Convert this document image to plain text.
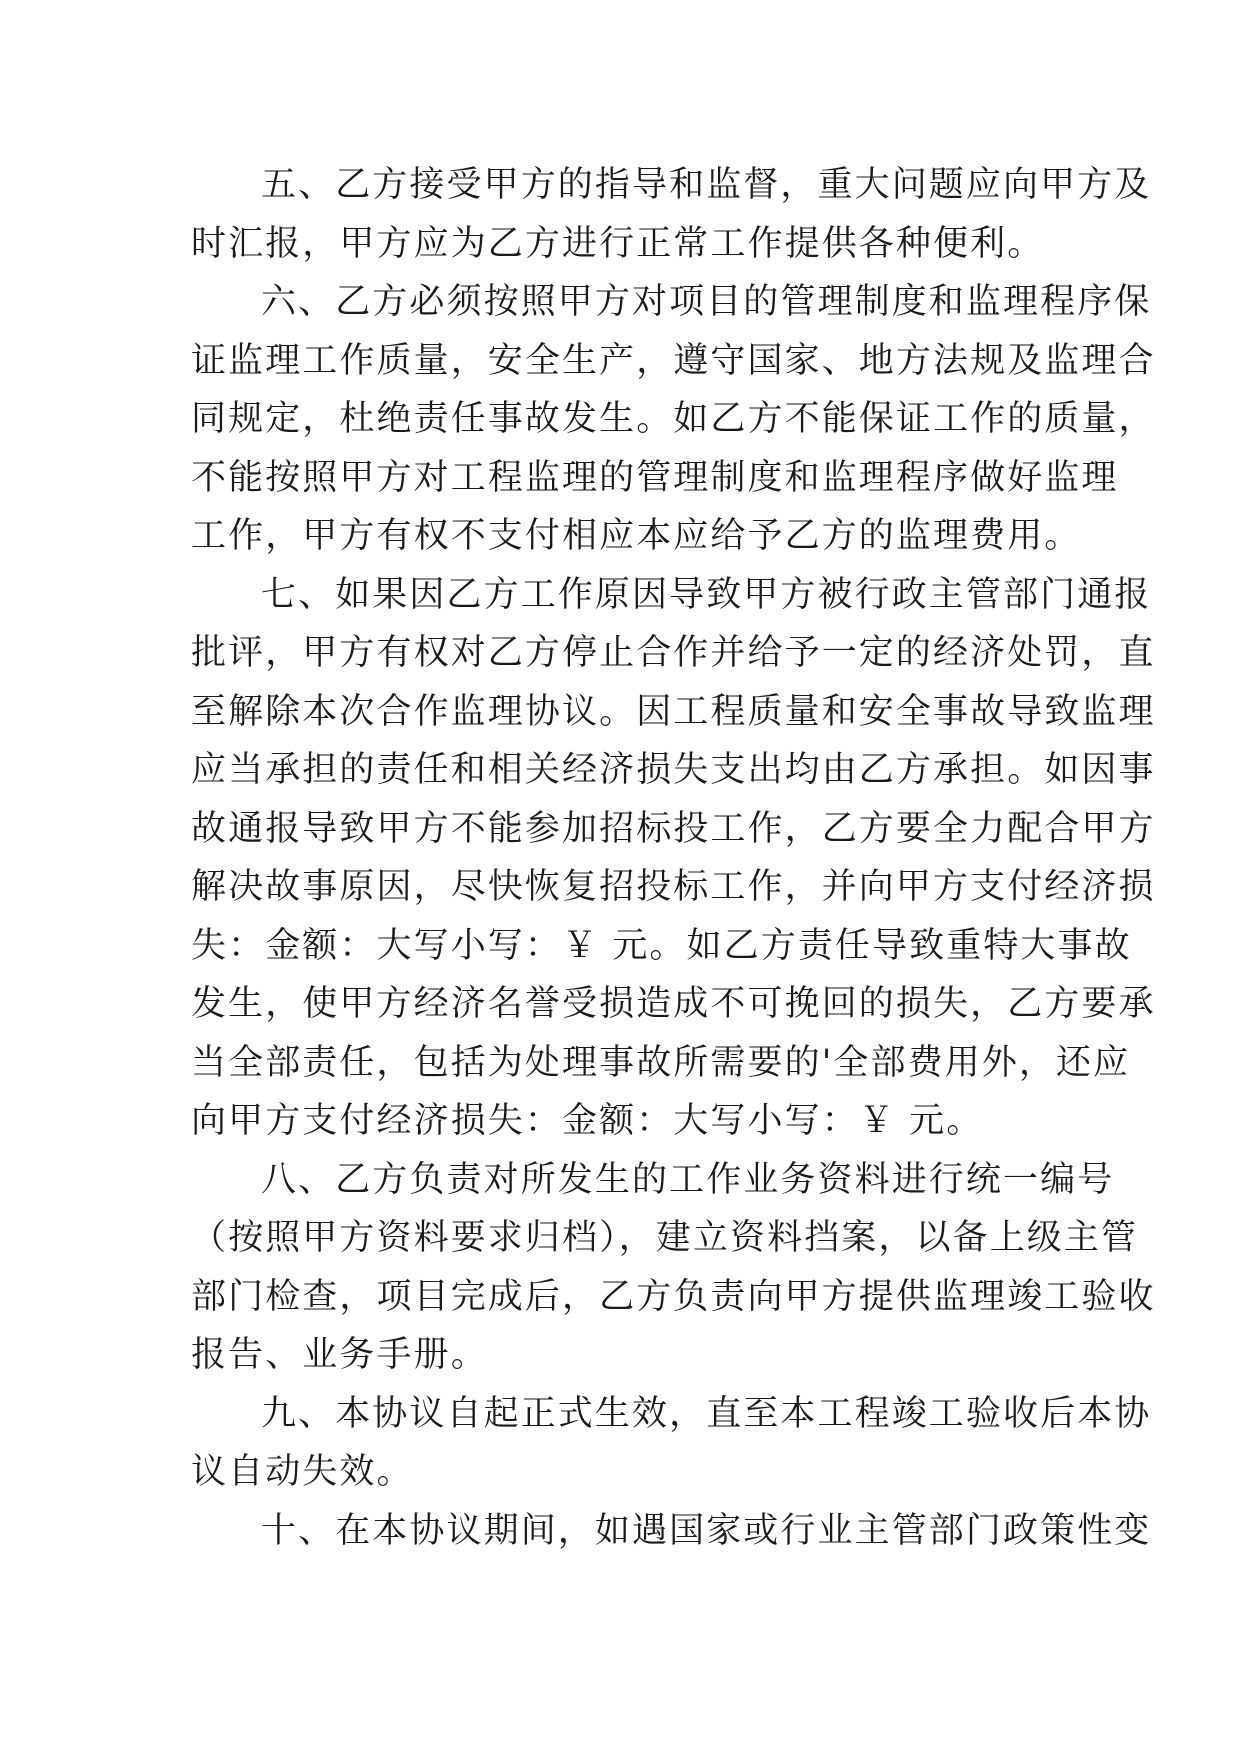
五、乙方接受甲方的指导和监督，重大问题应向甲方及
时汇报，甲方应为乙方进行正常工作提供各种便利。
六、乙方必须按照甲方对项目的管理制度和监理程序保
证监理工作质量，安全生产，遵守国家、地方法规及监理合
同规定，杜绝责任事故发生。如乙方不能保证工作的质量，
不能按照甲方对工程监理的管理制度和监理程序做好监理
工作，甲方有权不支付相应本应给予乙方的监理费用。
七、如果因乙方工作原因导致甲方被行政主管部门通报
批评，甲方有权对乙方停止合作并给予一定的经济处罚，直
至解除本次合作监理协议。因工程质量和安全事故导致监理
应当承担的责任和相关经济损失支出均由乙方承担。如因事
故通报导致甲方不能参加招标投工作，乙方要全力配合甲方
解决故事原因，尽快恢复招投标工作，并向甲方支付经济损
失：金额：大写小写：￥ 元。如乙方责任导致重特大事故
发生，使甲方经济名誉受损造成不可挽回的损失，乙方要承
当全部责任，包括为处理事故所需要的'全部费用外，还应
向甲方支付经济损失：金额：大写小写：￥ 元。
八、乙方负责对所发生的工作业务资料进行统一编号
（按照甲方资料要求归档），建立资料挡案，以备上级主管
部门检查，项目完成后，乙方负责向甲方提供监理竣工验收
报告、业务手册。
九、本协议自起正式生效，直至本工程竣工验收后本协
议自动失效。
十、在本协议期间，如遇国家或行业主管部门政策性变
